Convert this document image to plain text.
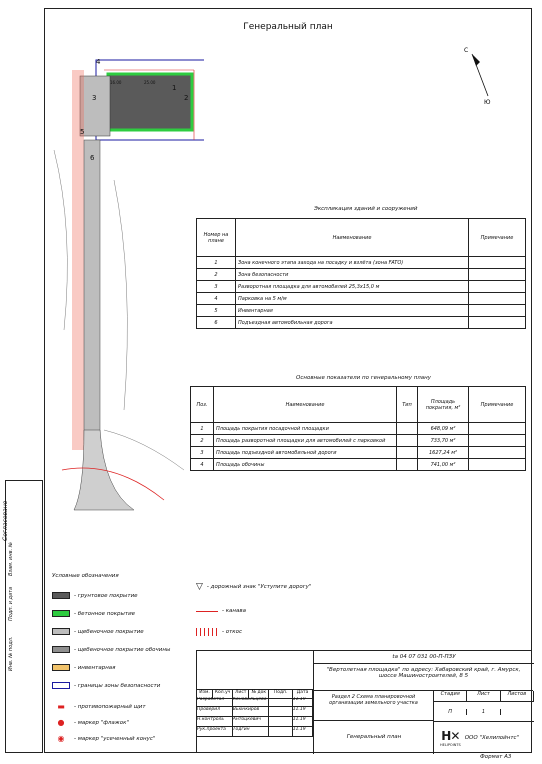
Генеральный план
Инв. № подл.
Подп. и дата
Взам. инв. №
Согласовано
4
3
1
2
5
6
16.00	25.00
С
Ю
Экспликация зданий и сооружений
Номер на плане	Наименование	Примечание
1	Зона конечного этапа захода на посадку и взлёта (зона FATO)	
2	Зона безопасности	
3	Разворотная площадка для автомобилей 25,3х15,0 м	
4	Парковка на 5 м/м	
5	Инвентарная	
6	Подъездная автомобильная дорога	
Основные показатели по генеральному плану
Поз.	Наименование	Тип	Площадь покрытия, м²	Примечание
1	Площадь покрытия посадочной площадки		648,09 м²	
2	Площадь разворотной площадки для автомобилей с парковкой		733,70 м²	
3	Площадь подъездной автомобильной дороги		1627,24 м²	
4	Площадь обочины		741,00 м²	
Условные обозначения
- грунтовое покрытие
- бетонное покрытие
- щебеночное покрытие
- щебеночное покрытие обочины
- инвентарная
- границы зоны безопасности
▬	- противопожарный щит
●	- маркер "флажок"
◉	- маркер "усеченный конус"
▽ - дорожный знак "Уступите дорогу"
- канава
- откос
ta 04 07 031 00-П-ПЗУ
"Вертолетная площадка" по адресу: Хабаровский край, г. Амурск, шоссе Машиностроителей, 8 5
Изм.	Кол.уч	Лист	№ док	Подп.	Дата
Разработал	Коновальцева	11.19
Проверил	Вьюнкиров	11.19
Н.контроль	Антоцкевич	11.19
Рук.проекта	Тодгин	11.19
Раздел 2 Схема планировочной организации земельного участка
Стадия	Лист	Листов
П	1
Генеральный план	H✕
HELIPOINTS
ООО "Хелипойнтс"
Формат А3
